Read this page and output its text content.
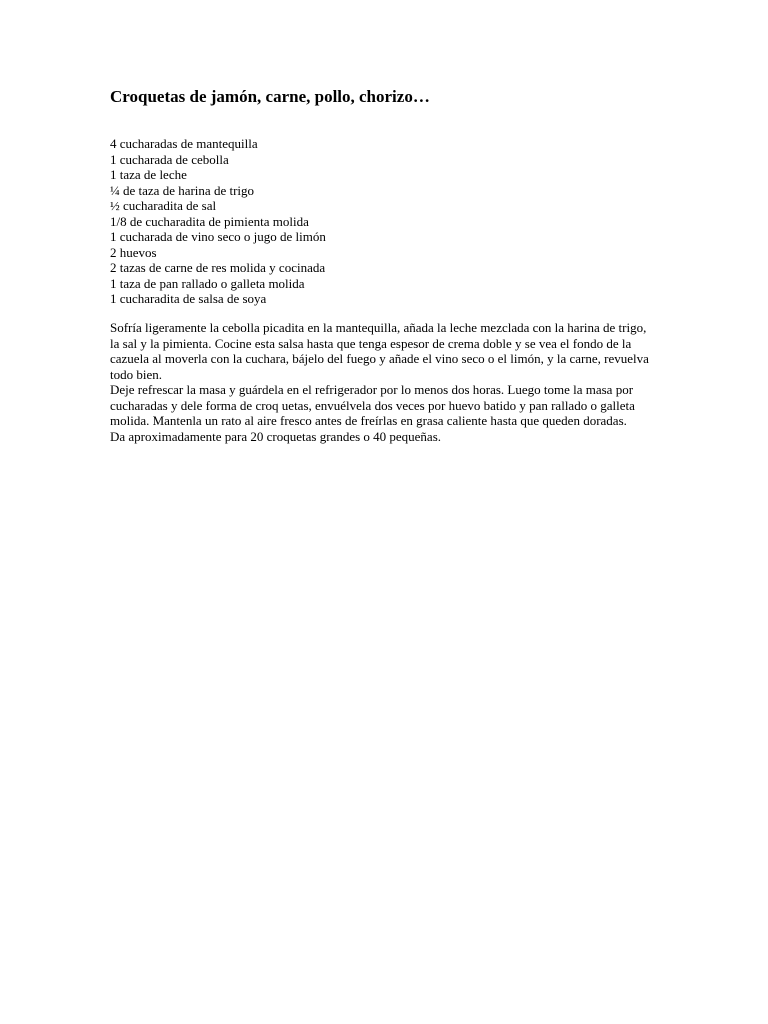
Croquetas de jamón, carne, pollo, chorizo…
4 cucharadas de mantequilla
1 cucharada de cebolla
1 taza de leche
¼ de taza de harina de trigo
½ cucharadita de sal
1/8 de cucharadita de pimienta molida
1 cucharada de vino seco o jugo de limón
2 huevos
2 tazas de carne de res molida y cocinada
1 taza de pan rallado o galleta molida
1 cucharadita de salsa de soya

Sofría ligeramente la cebolla picadita en la mantequilla, añada la leche mezclada con la harina de trigo, la sal y la pimienta. Cocine esta salsa hasta que tenga espesor de crema doble y se vea el fondo de la cazuela al moverla con la cuchara, bájelo del fuego y añade el vino seco o el limón, y la carne, revuelva todo bien.

Deje refrescar la masa y guárdela en el refrigerador por lo menos dos horas. Luego tome la masa por cucharadas y dele forma de croq uetas, envuélvela dos veces por huevo batido y pan rallado o galleta molida. Mantenla un rato al aire fresco antes de freírlas en grasa caliente hasta que queden doradas.

Da aproximadamente para 20 croquetas grandes o 40 pequeñas.
